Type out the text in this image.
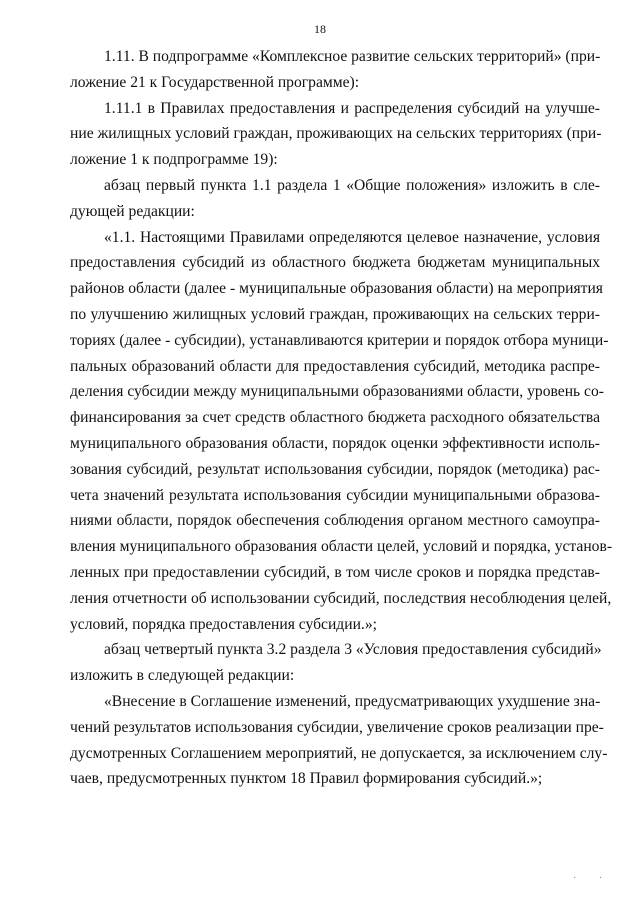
18

1.11. В подпрограмме «Комплексное развитие сельских территорий» (при-
ложение 21 к Государственной программе):

1.11.1 в Правилах предоставления и распределения субсидий на улучше-
ние жилищных условий граждан, проживающих на сельских территориях (при-
ложение 1 к подпрограмме 19):

абзац первый пункта 1.1 раздела 1 «Общие положения» изложить в сле-
дующей редакции:

«1.1. Настоящими Правилами определяются целевое назначение, условия
предоставления субсидий из областного бюджета бюджетам муниципальных
районов области (далее - муниципальные образования области) на мероприятия
по улучшению жилищных условий граждан, проживающих на сельских терри-
ториях (далее - субсидии), устанавливаются критерии и порядок отбора муници-
пальных образований области для предоставления субсидий, методика распре-
деления субсидии между муниципальными образованиями области, уровень со-
финансирования за счет средств областного бюджета расходного обязательства
муниципального образования области, порядок оценки эффективности исполь-
зования субсидий, результат использования субсидии, порядок (методика) рас-
чета значений результата использования субсидии муниципальными образова-
ниями области, порядок обеспечения соблюдения органом местного самоупра-
вления муниципального образования области целей, условий и порядка, установ-
ленных при предоставлении субсидий, в том числе сроков и порядка представ-
ления отчетности об использовании субсидий, последствия несоблюдения целей,
условий, порядка предоставления субсидии.»;

абзац четвертый пункта 3.2 раздела 3 «Условия предоставления субсидий»
изложить в следующей редакции:

«Внесение в Соглашение изменений, предусматривающих ухудшение зна-
чений результатов использования субсидии, увеличение сроков реализации пре-
дусмотренных Соглашением мероприятий, не допускается, за исключением слу-
чаев, предусмотренных пунктом 18 Правил формирования субсидий.»;

· ·
